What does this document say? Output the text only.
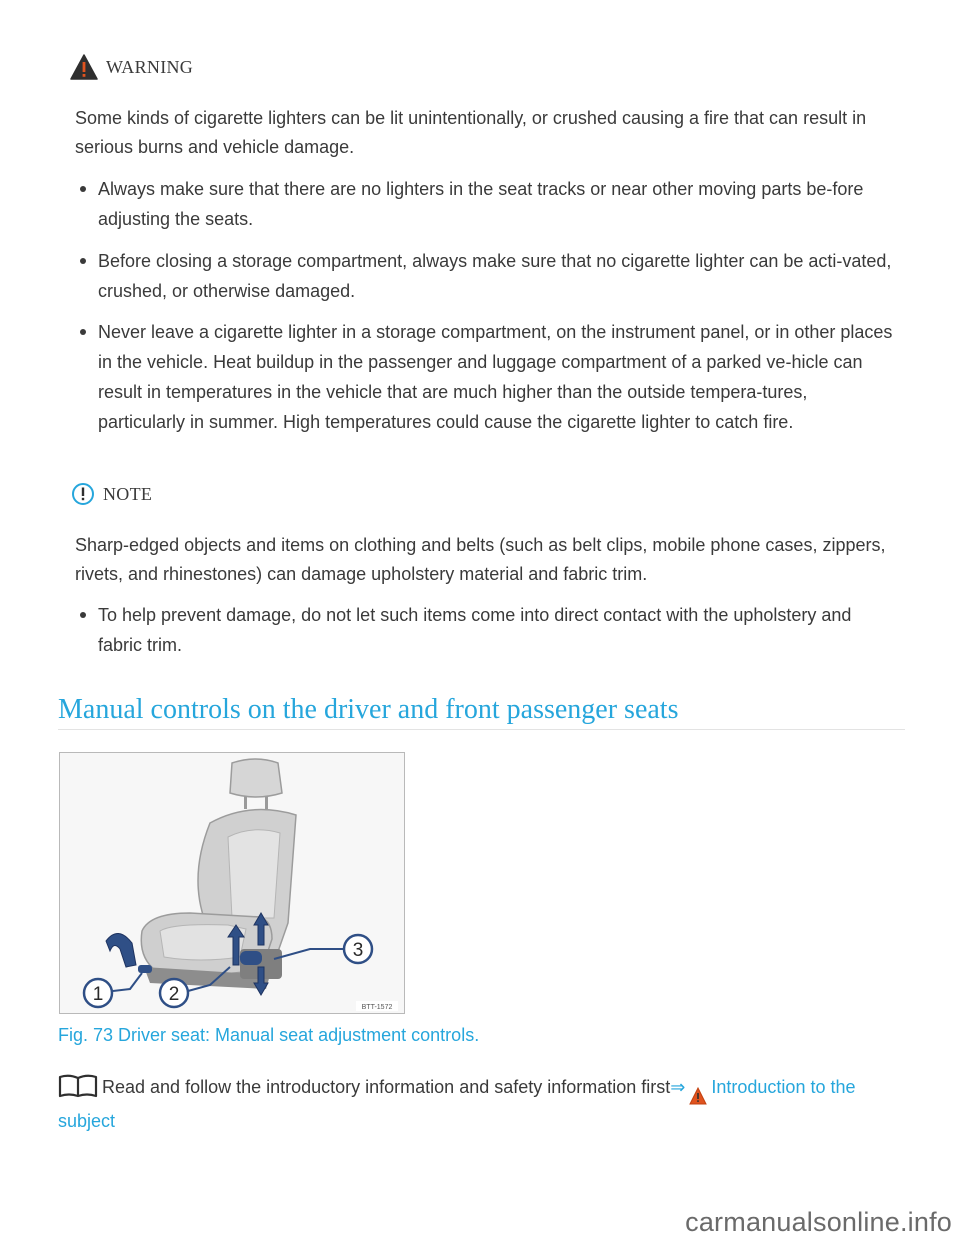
WARNING

Some kinds of cigarette lighters can be lit unintentionally, or crushed causing a fire that can result in serious burns and vehicle damage.

Always make sure that there are no lighters in the seat tracks or near other moving parts be-fore adjusting the seats.

Before closing a storage compartment, always make sure that no cigarette lighter can be acti-vated, crushed, or otherwise damaged.

Never leave a cigarette lighter in a storage compartment, on the instrument panel, or in other places in the vehicle. Heat buildup in the passenger and luggage compartment of a parked ve-hicle can result in temperatures in the vehicle that are much higher than the outside tempera-tures, particularly in summer. High temperatures could cause the cigarette lighter to catch fire.

NOTE

Sharp-edged objects and items on clothing and belts (such as belt clips, mobile phone cases, zippers, rivets, and rhinestones) can damage upholstery material and fabric trim.

To help prevent damage, do not let such items come into direct contact with the upholstery and fabric trim.

Manual controls on the driver and front passenger seats
1	2
3
BTT-1572

Fig. 73 Driver seat: Manual seat adjustment controls.

Read and follow the introductory information and safety information first⇒ Introduction to the subject

carmanualsonline.info
